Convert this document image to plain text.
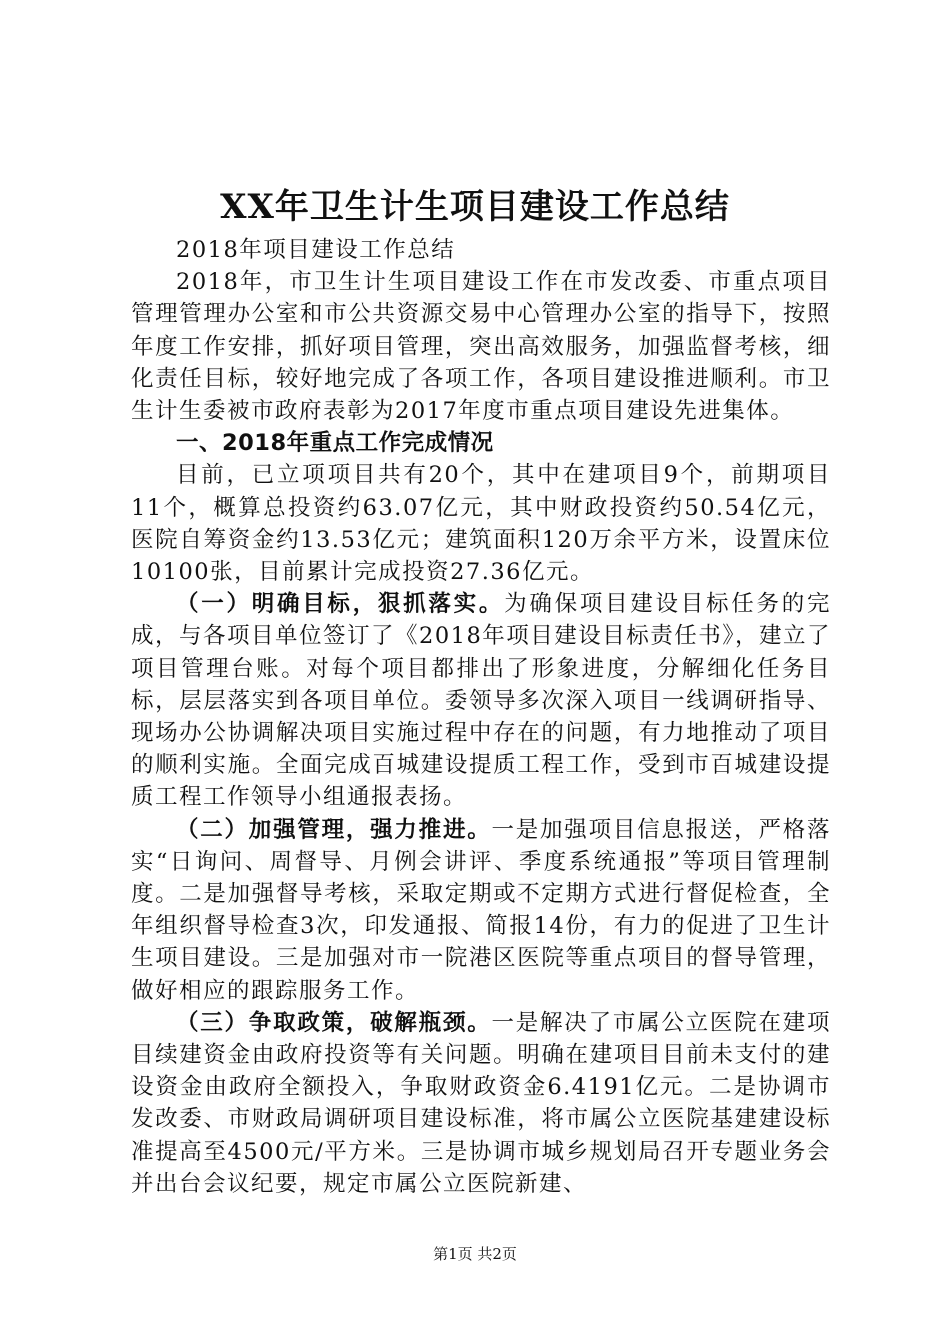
XX年卫生计生项目建设工作总结

2018年项目建设工作总结

2018年，市卫生计生项目建设工作在市发改委、市重点项目管理管理办公室和市公共资源交易中心管理办公室的指导下，按照年度工作安排，抓好项目管理，突出高效服务，加强监督考核，细化责任目标，较好地完成了各项工作，各项目建设推进顺利。市卫生计生委被市政府表彰为2017年度市重点项目建设先进集体。

一、2018年重点工作完成情况

目前，已立项项目共有20个，其中在建项目9个，前期项目11个，概算总投资约63.07亿元，其中财政投资约50.54亿元，医院自筹资金约13.53亿元；建筑面积120万余平方米，设置床位10100张，目前累计完成投资27.36亿元。

（一）明确目标，狠抓落实。为确保项目建设目标任务的完成，与各项目单位签订了《2018年项目建设目标责任书》，建立了项目管理台账。对每个项目都排出了形象进度，分解细化任务目标，层层落实到各项目单位。委领导多次深入项目一线调研指导、现场办公协调解决项目实施过程中存在的问题，有力地推动了项目的顺利实施。全面完成百城建设提质工程工作，受到市百城建设提质工程工作领导小组通报表扬。

（二）加强管理，强力推进。一是加强项目信息报送，严格落实“日询问、周督导、月例会讲评、季度系统通报”等项目管理制度。二是加强督导考核，采取定期或不定期方式进行督促检查，全年组织督导检查3次，印发通报、简报14份，有力的促进了卫生计生项目建设。三是加强对市一院港区医院等重点项目的督导管理，做好相应的跟踪服务工作。

（三）争取政策，破解瓶颈。一是解决了市属公立医院在建项目续建资金由政府投资等有关问题。明确在建项目目前未支付的建设资金由政府全额投入，争取财政资金6.4191亿元。二是协调市发改委、市财政局调研项目建设标准，将市属公立医院基建建设标准提高至4500元/平方米。三是协调市城乡规划局召开专题业务会并出台会议纪要，规定市属公立医院新建、

第1页 共2页
